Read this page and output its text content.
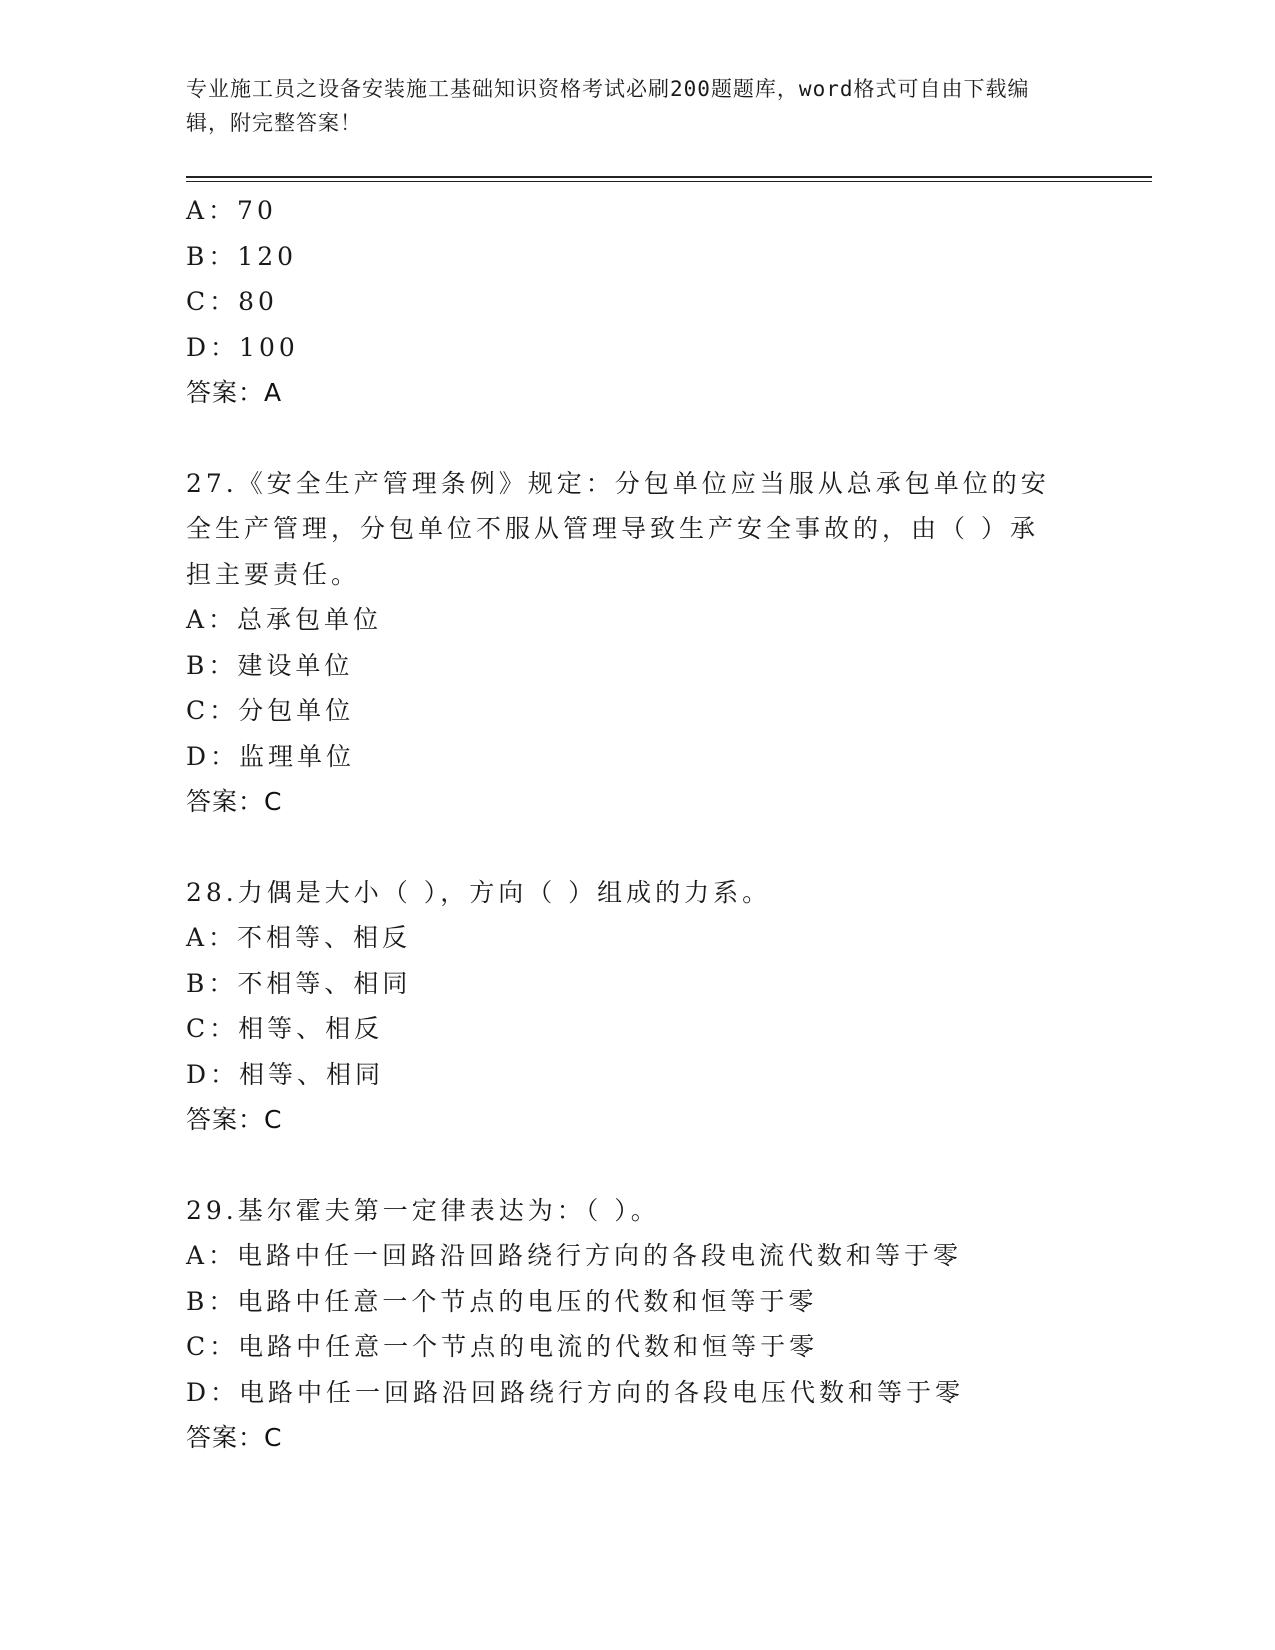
专业施工员之设备安装施工基础知识资格考试必刷200题题库，word格式可自由下载编辑，附完整答案！
A：70
B：120
C：80
D：100
答案：A
27.《安全生产管理条例》规定：分包单位应当服从总承包单位的安全生产管理，分包单位不服从管理导致生产安全事故的，由（ ）承担主要责任。
A：总承包单位
B：建设单位
C：分包单位
D：监理单位
答案：C
28.力偶是大小（ ），方向（ ）组成的力系。
A：不相等、相反
B：不相等、相同
C：相等、相反
D：相等、相同
答案：C
29.基尔霍夫第一定律表达为：（ ）。
A：电路中任一回路沿回路绕行方向的各段电流代数和等于零
B：电路中任意一个节点的电压的代数和恒等于零
C：电路中任意一个节点的电流的代数和恒等于零
D：电路中任一回路沿回路绕行方向的各段电压代数和等于零
答案：C
